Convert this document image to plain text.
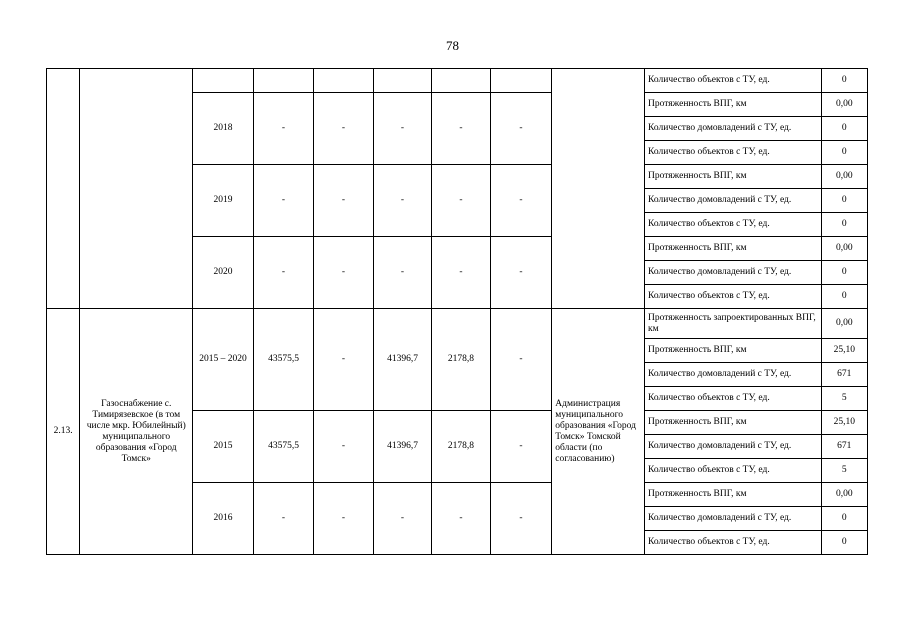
78
									Количество объектов с ТУ, ед.	0
		2018	-	-	-	-	-		Протяженность ВПГ, км	0,00
									Количество домовладений с ТУ, ед.	0
									Количество объектов с ТУ, ед.	0
		2019	-	-	-	-	-		Протяженность ВПГ, км	0,00
									Количество домовладений с ТУ, ед.	0
									Количество объектов с ТУ, ед.	0
		2020	-	-	-	-	-		Протяженность ВПГ, км	0,00
									Количество домовладений с ТУ, ед.	0
									Количество объектов с ТУ, ед.	0
2.13.	Газоснабжение с. Тимирязевское (в том числе мкр. Юбилейный) муниципального образования «Город Томск»	2015 – 2020	43575,5	-	41396,7	2178,8	-	Администрация муниципального образования «Город Томск» Томской области (по согласованию)	Протяженность запроектированных ВПГ, км	0,00
									Протяженность ВПГ, км	25,10
									Количество домовладений с ТУ, ед.	671
									Количество объектов с ТУ, ед.	5
		2015	43575,5	-	41396,7	2178,8	-		Протяженность ВПГ, км	25,10
									Количество домовладений с ТУ, ед.	671
									Количество объектов с ТУ, ед.	5
		2016	-	-	-	-	-		Протяженность ВПГ, км	0,00
									Количество домовладений с ТУ, ед.	0
									Количество объектов с ТУ, ед.	0
